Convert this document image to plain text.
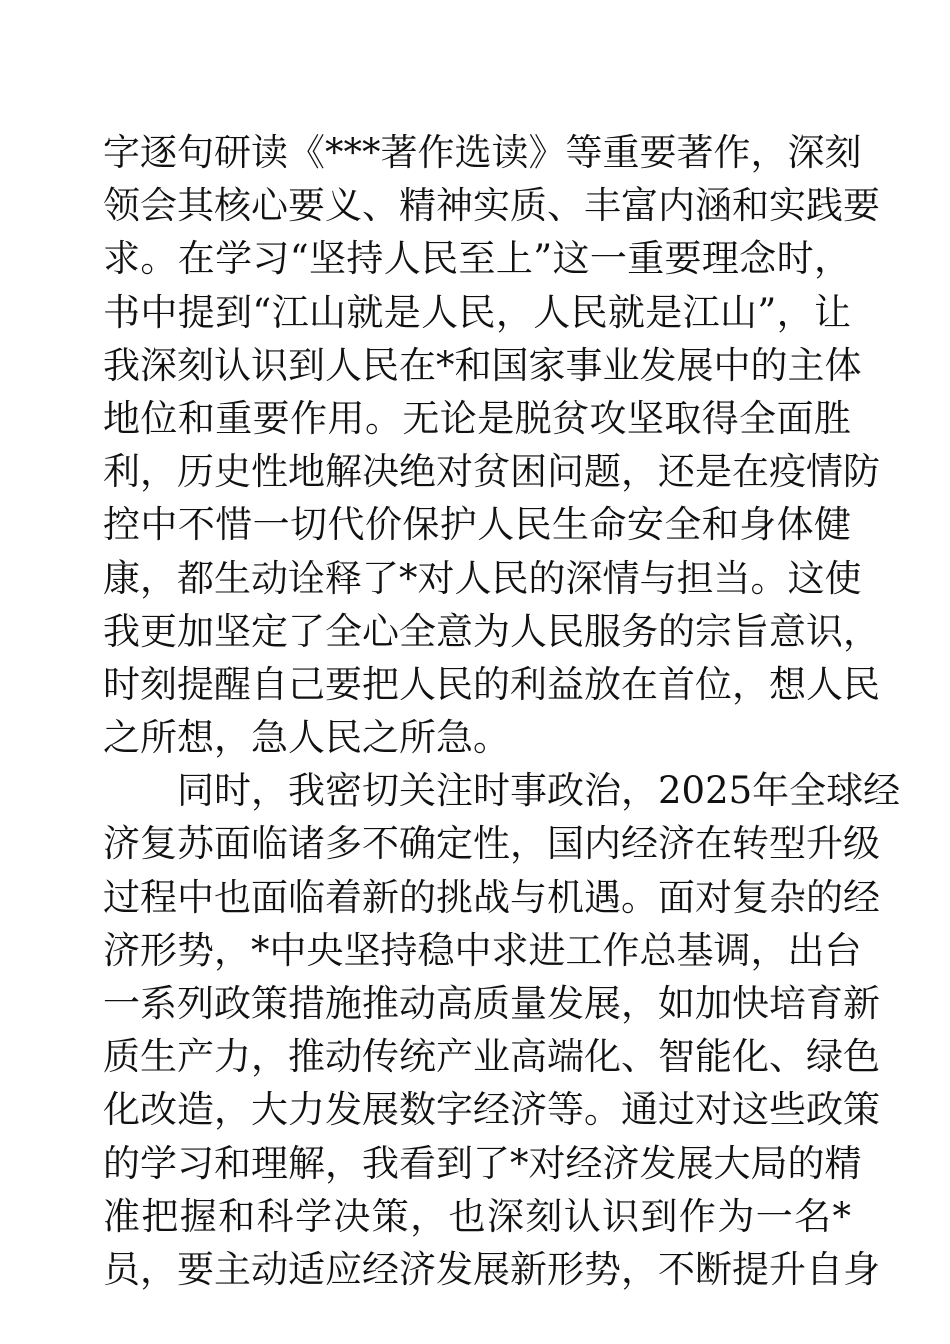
字逐句研读《***著作选读》等重要著作，深刻
领会其核心要义、精神实质、丰富内涵和实践要
求。在学习“坚持人民至上”这一重要理念时，
书中提到“江山就是人民，人民就是江山”，让
我深刻认识到人民在*和国家事业发展中的主体
地位和重要作用。无论是脱贫攻坚取得全面胜
利，历史性地解决绝对贫困问题，还是在疫情防
控中不惜一切代价保护人民生命安全和身体健
康，都生动诠释了*对人民的深情与担当。这使
我更加坚定了全心全意为人民服务的宗旨意识，
时刻提醒自己要把人民的利益放在首位，想人民
之所想，急人民之所急。
同时，我密切关注时事政治，2025年全球经
济复苏面临诸多不确定性，国内经济在转型升级
过程中也面临着新的挑战与机遇。面对复杂的经
济形势，*中央坚持稳中求进工作总基调，出台
一系列政策措施推动高质量发展，如加快培育新
质生产力，推动传统产业高端化、智能化、绿色
化改造，大力发展数字经济等。通过对这些政策
的学习和理解，我看到了*对经济发展大局的精
准把握和科学决策，也深刻认识到作为一名*
员，要主动适应经济发展新形势，不断提升自身
